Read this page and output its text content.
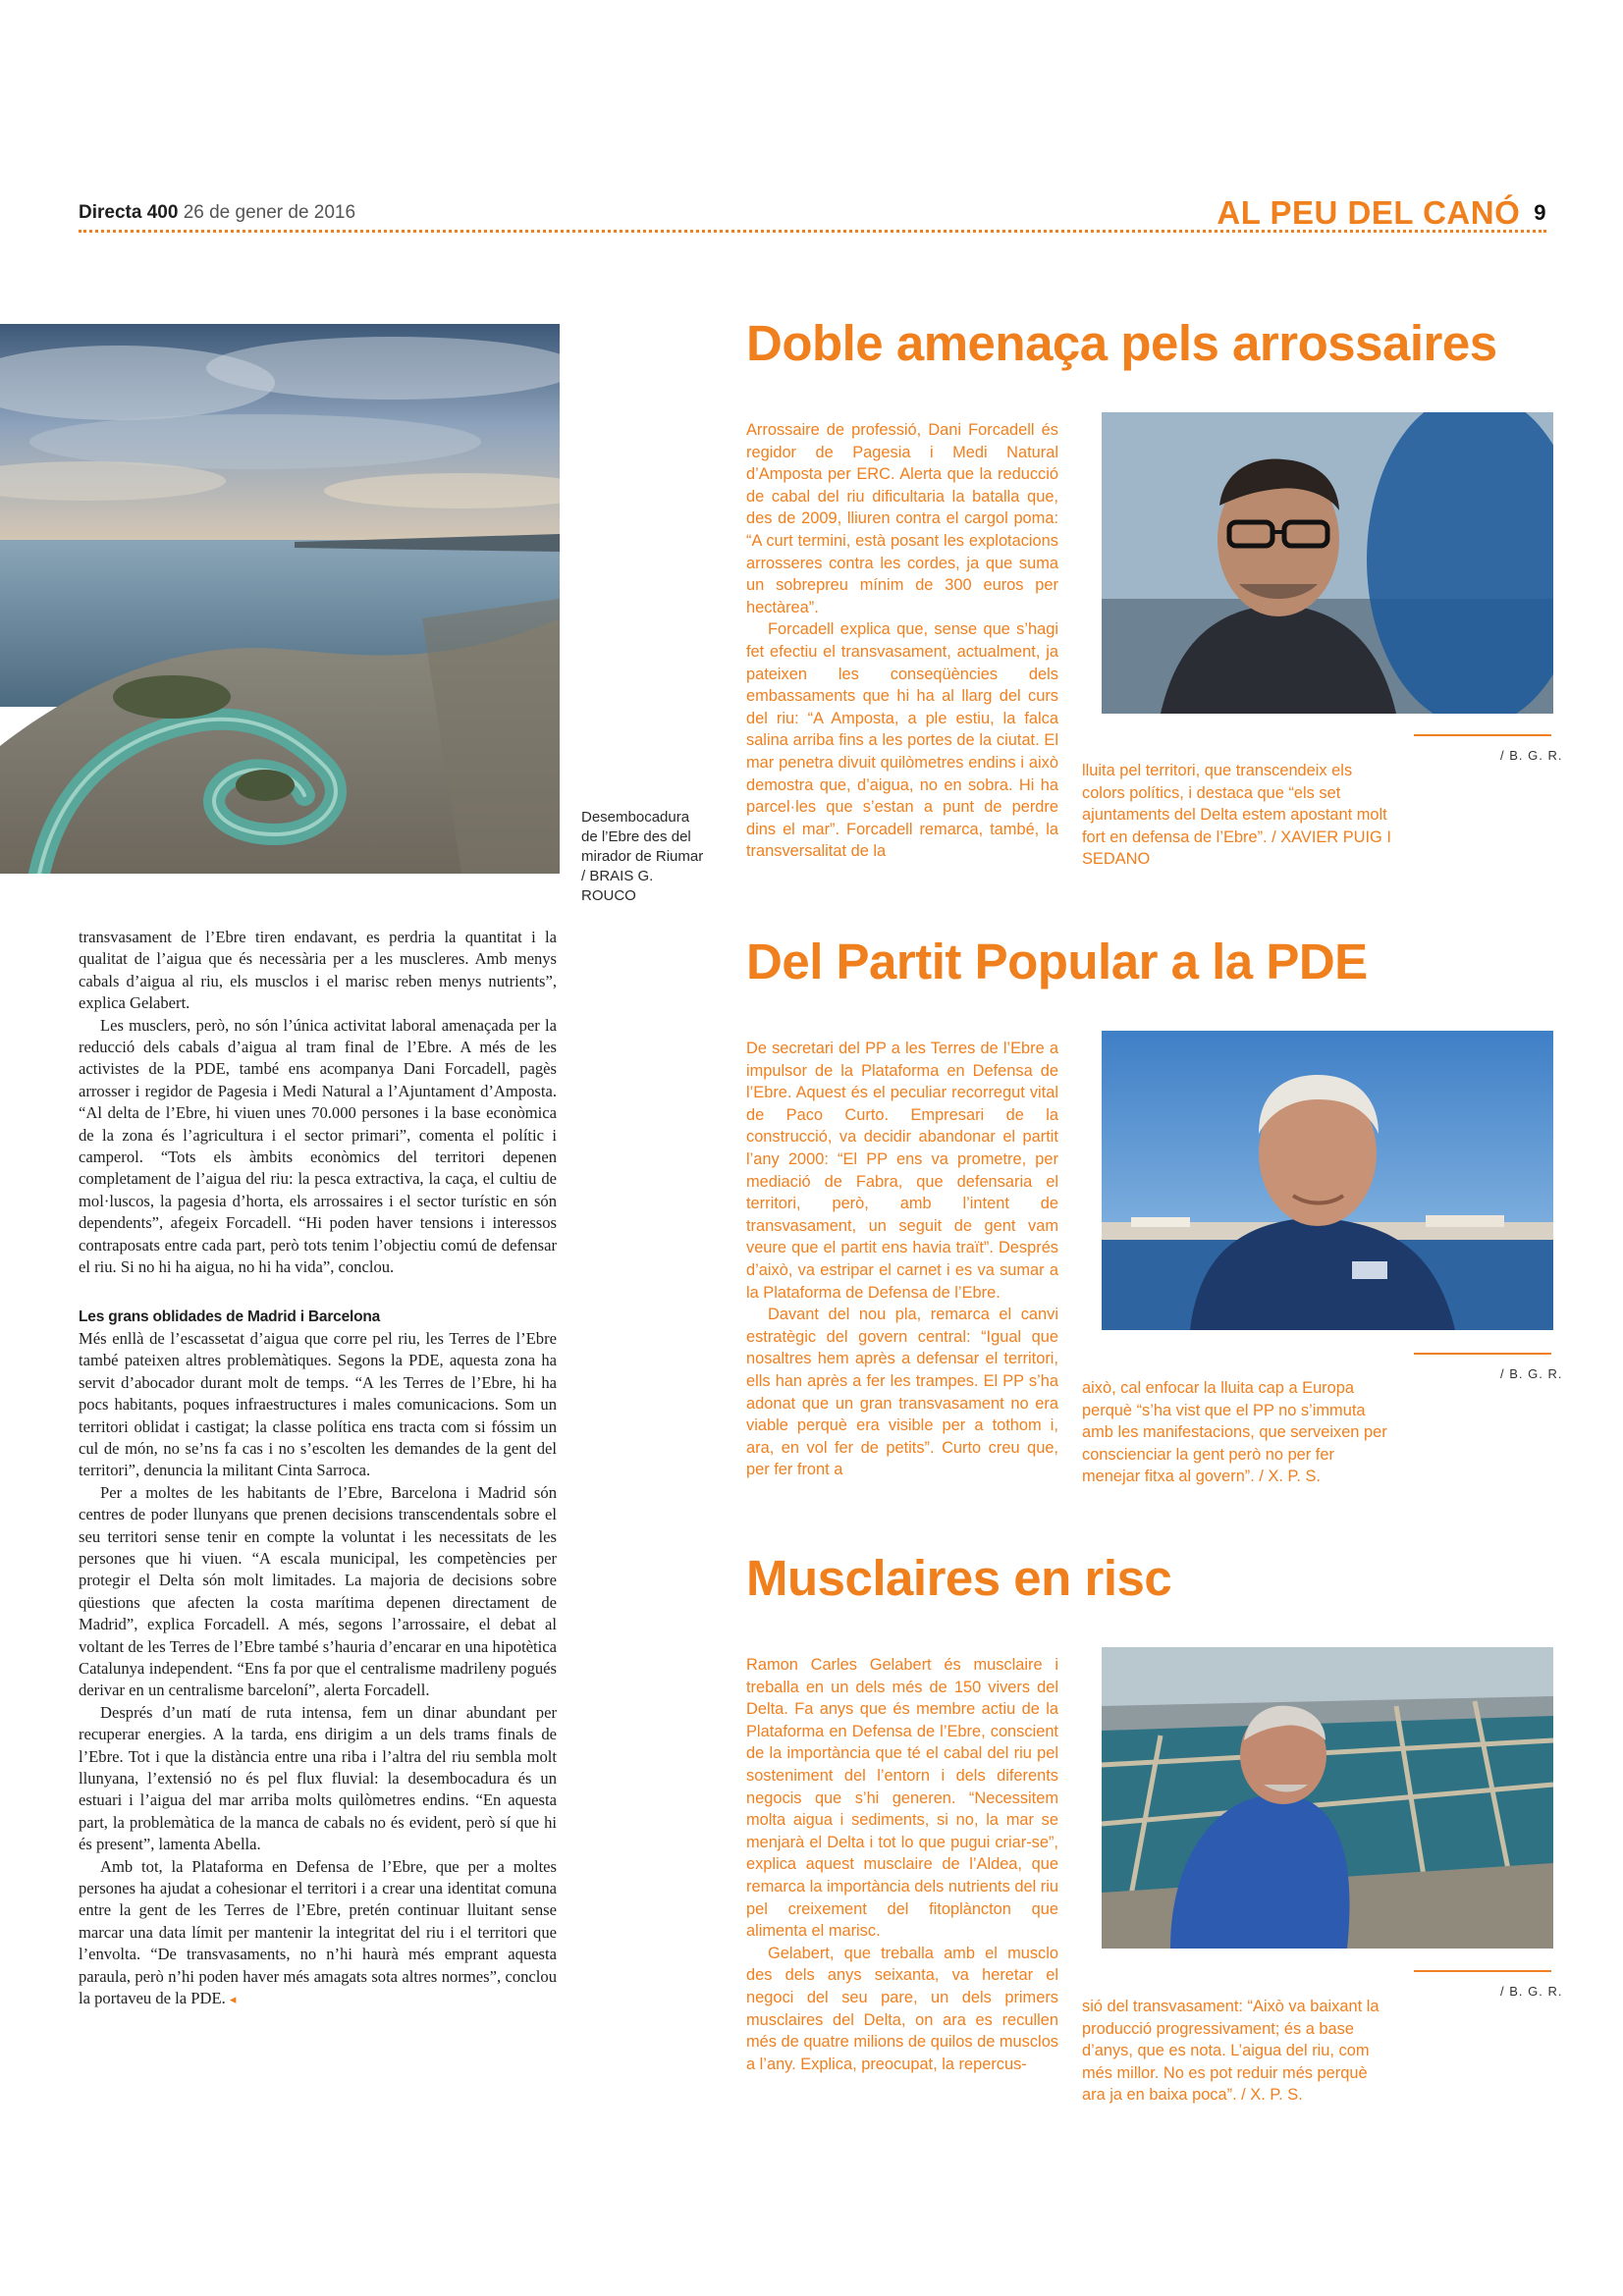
Directa 400 26 de gener de 2016	AL PEU DEL CANÓ 9
Desembocadura de l’Ebre des del mirador de Riumar / BRAIS G. ROUCO

transvasament de l’Ebre tiren endavant, es perdria la quantitat i la qualitat de l’aigua que és necessària per a les muscleres. Amb menys cabals d’aigua al riu, els musclos i el marisc reben menys nutrients”, explica Gelabert.

Les musclers, però, no són l’única activitat laboral amenaçada per la reducció dels cabals d’aigua al tram final de l’Ebre. A més de les activistes de la PDE, també ens acompanya Dani Forcadell, pagès arrosser i regidor de Pagesia i Medi Natural a l’Ajuntament d’Amposta. “Al delta de l’Ebre, hi viuen unes 70.000 persones i la base econòmica de la zona és l’agricultura i el sector primari”, comenta el polític i camperol. “Tots els àmbits econòmics del territori depenen completament de l’aigua del riu: la pesca extractiva, la caça, el cultiu de mol·luscos, la pagesia d’horta, els arrossaires i el sector turístic en són dependents”, afegeix Forcadell. “Hi poden haver tensions i interessos contraposats entre cada part, però tots tenim l’objectiu comú de defensar el riu. Si no hi ha aigua, no hi ha vida”, conclou.

Les grans oblidades de Madrid i Barcelona

Més enllà de l’escassetat d’aigua que corre pel riu, les Terres de l’Ebre també pateixen altres problemàtiques. Segons la PDE, aquesta zona ha servit d’abocador durant molt de temps. “A les Terres de l’Ebre, hi ha pocs habitants, poques infraestructures i males comunicacions. Som un territori oblidat i castigat; la classe política ens tracta com si fóssim un cul de món, no se’ns fa cas i no s’escolten les demandes de la gent del territori”, denuncia la militant Cinta Sarroca.

Per a moltes de les habitants de l’Ebre, Barcelona i Madrid són centres de poder llunyans que prenen decisions transcendentals sobre el seu territori sense tenir en compte la voluntat i les necessitats de les persones que hi viuen. “A escala municipal, les competències per protegir el Delta són molt limitades. La majoria de decisions sobre qüestions que afecten la costa marítima depenen directament de Madrid”, explica Forcadell. A més, segons l’arrossaire, el debat al voltant de les Terres de l’Ebre també s’hauria d’encarar en una hipotètica Catalunya independent. “Ens fa por que el centralisme madrileny pogués derivar en un centralisme barceloní”, alerta Forcadell.

Després d’un matí de ruta intensa, fem un dinar abundant per recuperar energies. A la tarda, ens dirigim a un dels trams finals de l’Ebre. Tot i que la distància entre una riba i l’altra del riu sembla molt llunyana, l’extensió no és pel flux fluvial: la desembocadura és un estuari i l’aigua del mar arriba molts quilòmetres endins. “En aquesta part, la problemàtica de la manca de cabals no és evident, però sí que hi és present”, lamenta Abella.

Amb tot, la Plataforma en Defensa de l’Ebre, que per a moltes persones ha ajudat a cohesionar el territori i a crear una identitat comuna entre la gent de les Terres de l’Ebre, pretén continuar lluitant sense marcar una data límit per mantenir la integritat del riu i el territori que l’envolta. “De transvasaments, no n’hi haurà més emprant aquesta paraula, però n’hi poden haver més amagats sota altres normes”, conclou la portaveu de la PDE. ◂

Doble amenaça pels arrossaires

Arrossaire de professió, Dani Forcadell és regidor de Pagesia i Medi Natural d’Amposta per ERC. Alerta que la reducció de cabal del riu dificultaria la batalla que, des de 2009, lliuren contra el cargol poma: “A curt termini, està posant les explotacions arrosseres contra les cordes, ja que suma un sobrepreu mínim de 300 euros per hectàrea”.

Forcadell explica que, sense que s’hagi fet efectiu el transvasament, actualment, ja pateixen les conseqüències dels embassaments que hi ha al llarg del curs del riu: “A Amposta, a ple estiu, la falca salina arriba fins a les portes de la ciutat. El mar penetra divuit quilòmetres endins i això demostra que, d’aigua, no en sobra. Hi ha parcel·les que s’estan a punt de perdre dins el mar”. Forcadell remarca, també, la transversalitat de la

/ B. G. R.
lluita pel territori, que transcendeix els colors polítics, i destaca que “els set ajuntaments del Delta estem apostant molt fort en defensa de l’Ebre”. / XAVIER PUIG I SEDANO
Del Partit Popular a la PDE

De secretari del PP a les Terres de l’Ebre a impulsor de la Plataforma en Defensa de l’Ebre. Aquest és el peculiar recorregut vital de Paco Curto. Empresari de la construcció, va decidir abandonar el partit l’any 2000: “El PP ens va prometre, per mediació de Fabra, que defensaria el territori, però, amb l’intent de transvasament, un seguit de gent vam veure que el partit ens havia traït”. Després d’això, va estripar el carnet i es va sumar a la Plataforma de Defensa de l’Ebre.

Davant del nou pla, remarca el canvi estratègic del govern central: “Igual que nosaltres hem après a defensar el territori, ells han après a fer les trampes. El PP s’ha adonat que un gran transvasament no era viable perquè era visible per a tothom i, ara, en vol fer de petits”. Curto creu que, per fer front a

/ B. G. R.
això, cal enfocar la lluita cap a Europa perquè “s’ha vist que el PP no s’immuta amb les manifestacions, que serveixen per conscienciar la gent però no per fer menejar fitxa al govern”. / X. P. S.
Musclaires en risc

Ramon Carles Gelabert és musclaire i treballa en un dels més de 150 vivers del Delta. Fa anys que és membre actiu de la Plataforma en Defensa de l’Ebre, conscient de la importància que té el cabal del riu pel sosteniment del l’entorn i dels diferents negocis que s’hi generen. “Necessitem molta aigua i sediments, si no, la mar se menjarà el Delta i tot lo que pugui criar-se”, explica aquest musclaire de l’Aldea, que remarca la importància dels nutrients del riu pel creixement del fitoplàncton que alimenta el marisc.

Gelabert, que treballa amb el musclo des dels anys seixanta, va heretar el negoci del seu pare, un dels primers musclaires del Delta, on ara es recullen més de quatre milions de quilos de musclos a l’any. Explica, preocupat, la repercus-

/ B. G. R.
sió del transvasament: “Això va baixant la producció progressivament; és a base d’anys, que es nota. L’aigua del riu, com més millor. No es pot reduir més perquè ara ja en baixa poca”. / X. P. S.
